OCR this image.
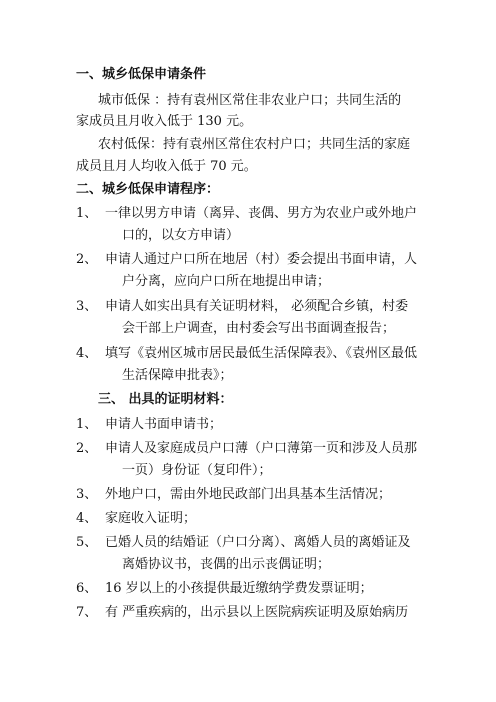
一、城乡低保申请条件
城市低保 ：持有袁州区常住非农业户口；共同生活的
家成员且月收入低于 130 元。
农村低保：持有袁州区常住农村户口；共同生活的家庭
成员且月人均收入低于 70 元。
二、城乡低保申请程序：
1、 一律以男方申请（离异、丧偶、男方为农业户或外地户
口的，以女方申请）
2、 申请人通过户口所在地居（村）委会提出书面申请，人
户分离，应向户口所在地提出申请；
3、 申请人如实出具有关证明材料， 必须配合乡镇，村委
会干部上户调查，由村委会写出书面调查报告；
4、 填写《袁州区城市居民最低生活保障表》、《袁州区最低
生活保障申批表》；
三、 出具的证明材料：
1、 申请人书面申请书；
2、 申请人及家庭成员户口薄（户口薄第一页和涉及人员那
一页）身份证（复印件）；
3、 外地户口，需由外地民政部门出具基本生活情况；
4、 家庭收入证明；
5、 已婚人员的结婚证（户口分离）、离婚人员的离婚证及
离婚协议书，丧偶的出示丧偶证明；
6、 16 岁以上的小孩提供最近缴纳学费发票证明；
7、 有 严重疾病的，出示县以上医院病疾证明及原始病历
